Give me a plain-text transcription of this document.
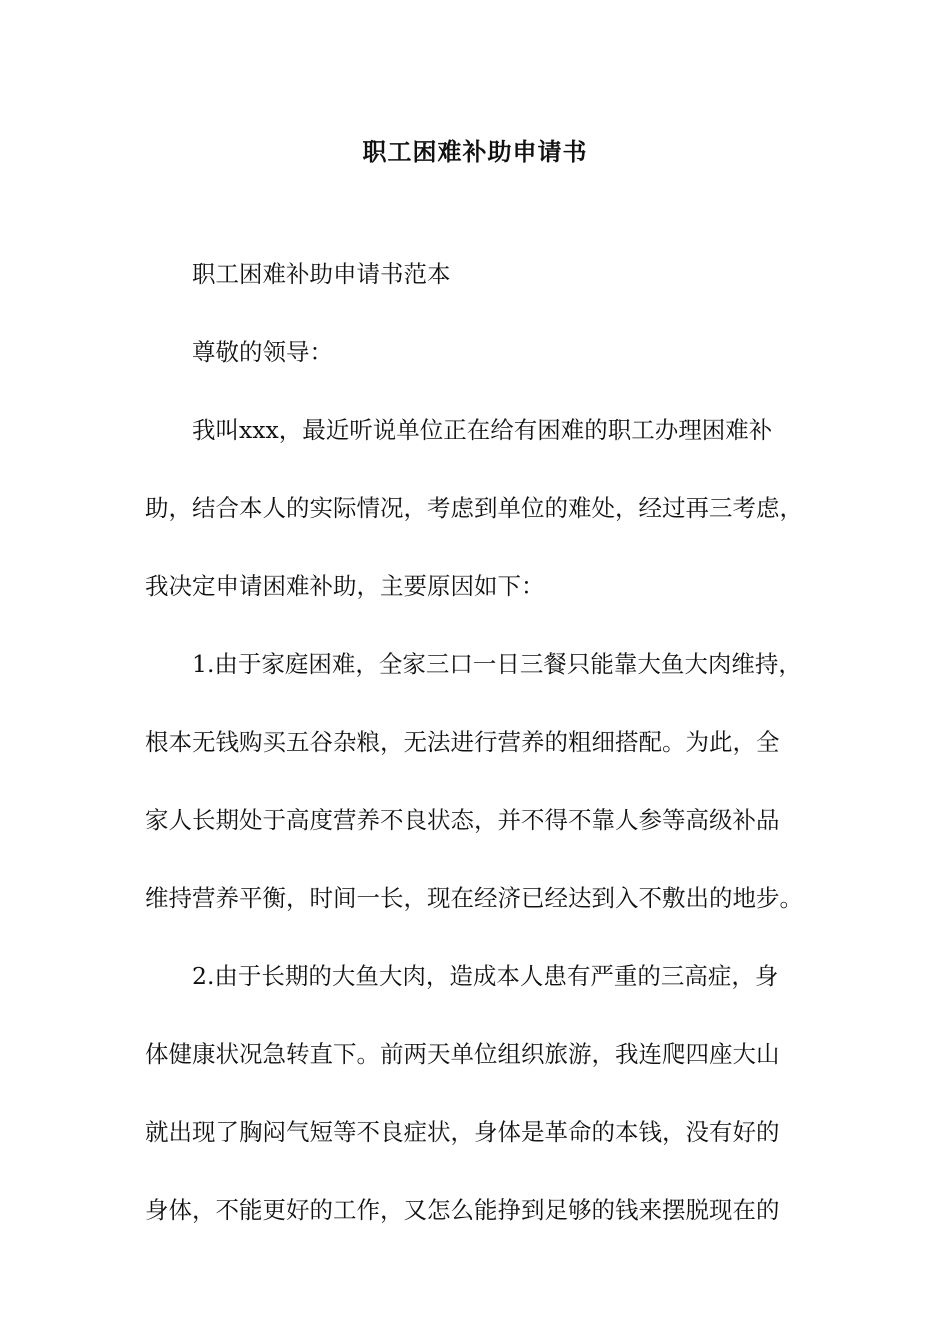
职工困难补助申请书
职工困难补助申请书范本
尊敬的领导：
我叫xxx，最近听说单位正在给有困难的职工办理困难补
助，结合本人的实际情况，考虑到单位的难处，经过再三考虑，
我决定申请困难补助，主要原因如下：
1.由于家庭困难，全家三口一日三餐只能靠大鱼大肉维持，
根本无钱购买五谷杂粮，无法进行营养的粗细搭配。为此，全
家人长期处于高度营养不良状态，并不得不靠人参等高级补品
维持营养平衡，时间一长，现在经济已经达到入不敷出的地步。
2.由于长期的大鱼大肉，造成本人患有严重的三高症，身
体健康状况急转直下。前两天单位组织旅游，我连爬四座大山
就出现了胸闷气短等不良症状，身体是革命的本钱，没有好的
身体，不能更好的工作，又怎么能挣到足够的钱来摆脱现在的
